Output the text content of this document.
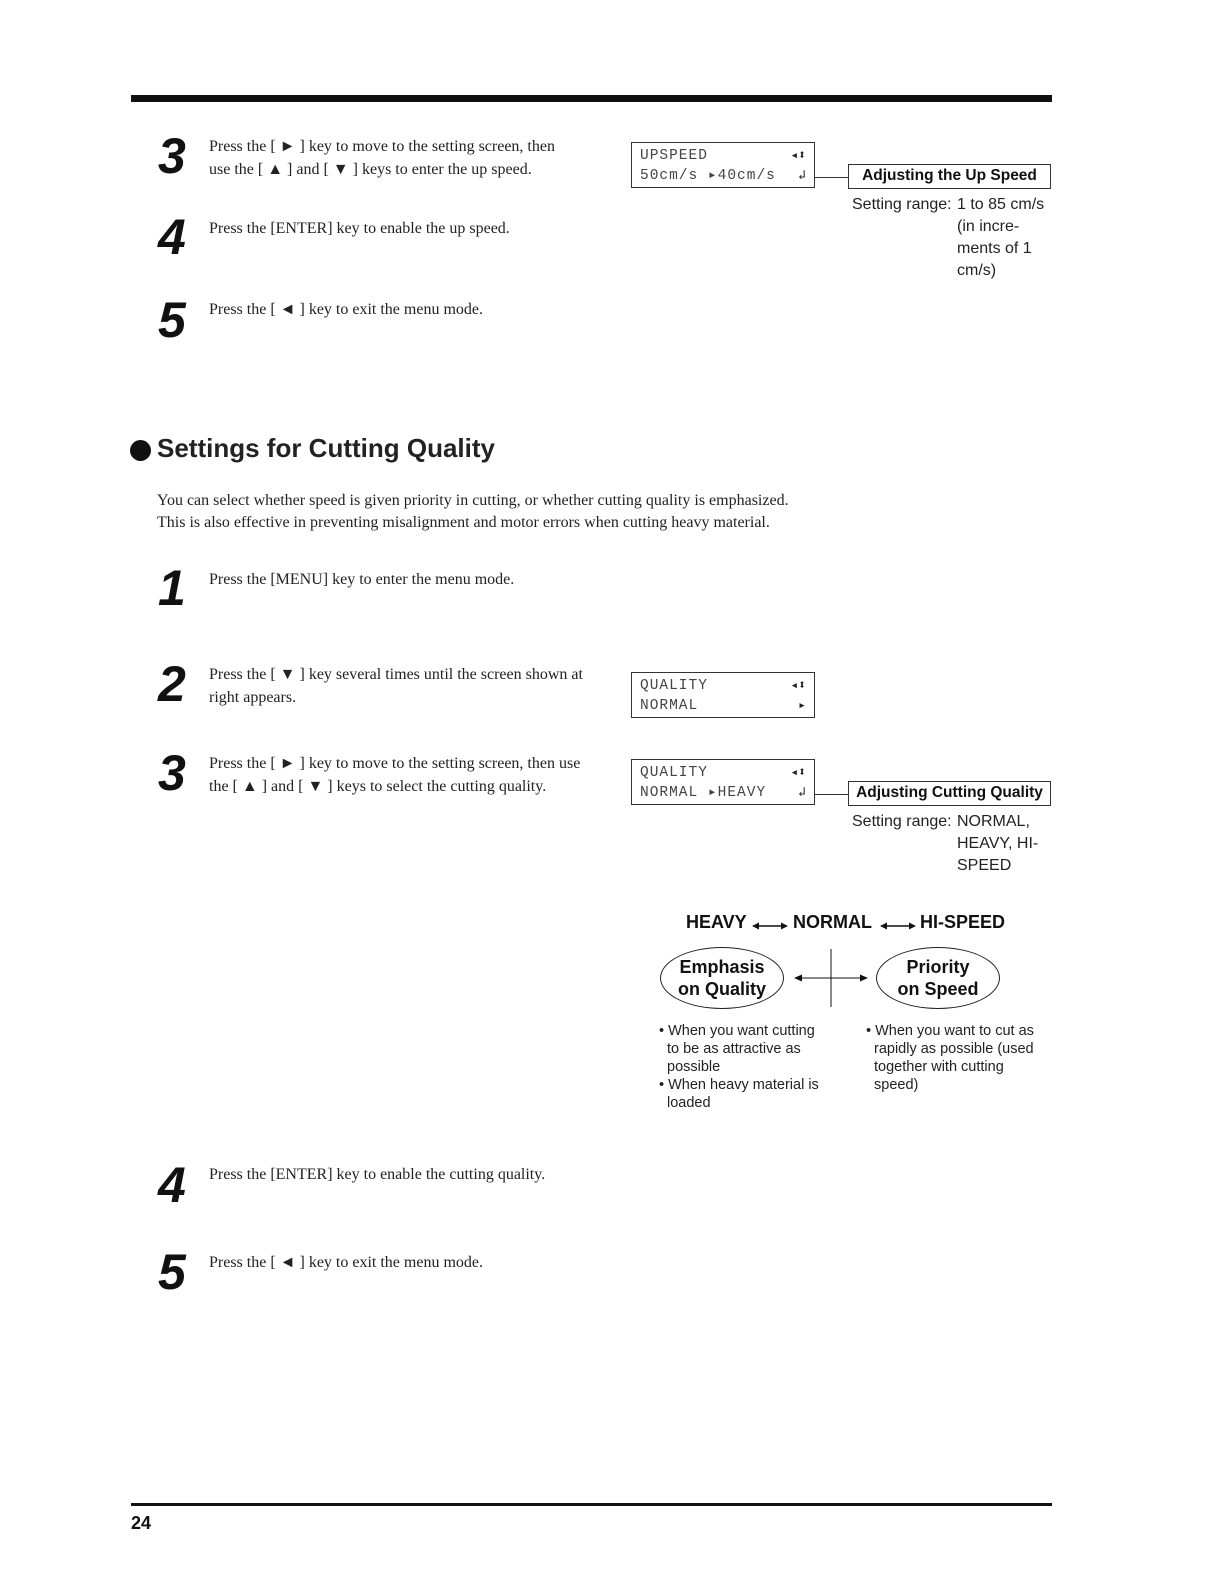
3	Press the [ ► ] key to move to the setting screen, then use the [ ▲ ] and [ ▼ ] keys to enter the up speed.
4	Press the [ENTER] key to enable the up speed.
5	Press the [ ◄ ] key to exit the menu mode.
UPSPEED
50cm/s ▸40cm/s
◂⬍
↲	Adjusting the Up Speed
Setting range: 1 to 85 cm/s
(in incre-
ments of 1
cm/s)
Settings for Cutting Quality
You can select whether speed is given priority in cutting, or whether cutting quality is emphasized.
This is also effective in preventing misalignment and motor errors when cutting heavy material.
1	Press the [MENU] key to enter the menu mode.
2	Press the [ ▼ ] key several times until the screen shown at right appears.
3	Press the [ ► ] key to move to the setting screen, then use the [ ▲ ] and [ ▼ ] keys to select the cutting quality.
4	Press the [ENTER] key to enable the cutting quality.
5	Press the [ ◄ ] key to exit the menu mode.
QUALITY
NORMAL
◂⬍
▸
QUALITY
NORMAL ▸HEAVY
◂⬍
↲	Adjusting Cutting Quality
Setting range: NORMAL,
HEAVY, HI-
SPEED
HEAVY	NORMAL	HI-SPEED
Emphasis
on Quality
Priority
on Speed
• When you want cutting to be as attractive as possible
• When heavy material is loaded
• When you want to cut as rapidly as possible (used together with cutting speed)
24
